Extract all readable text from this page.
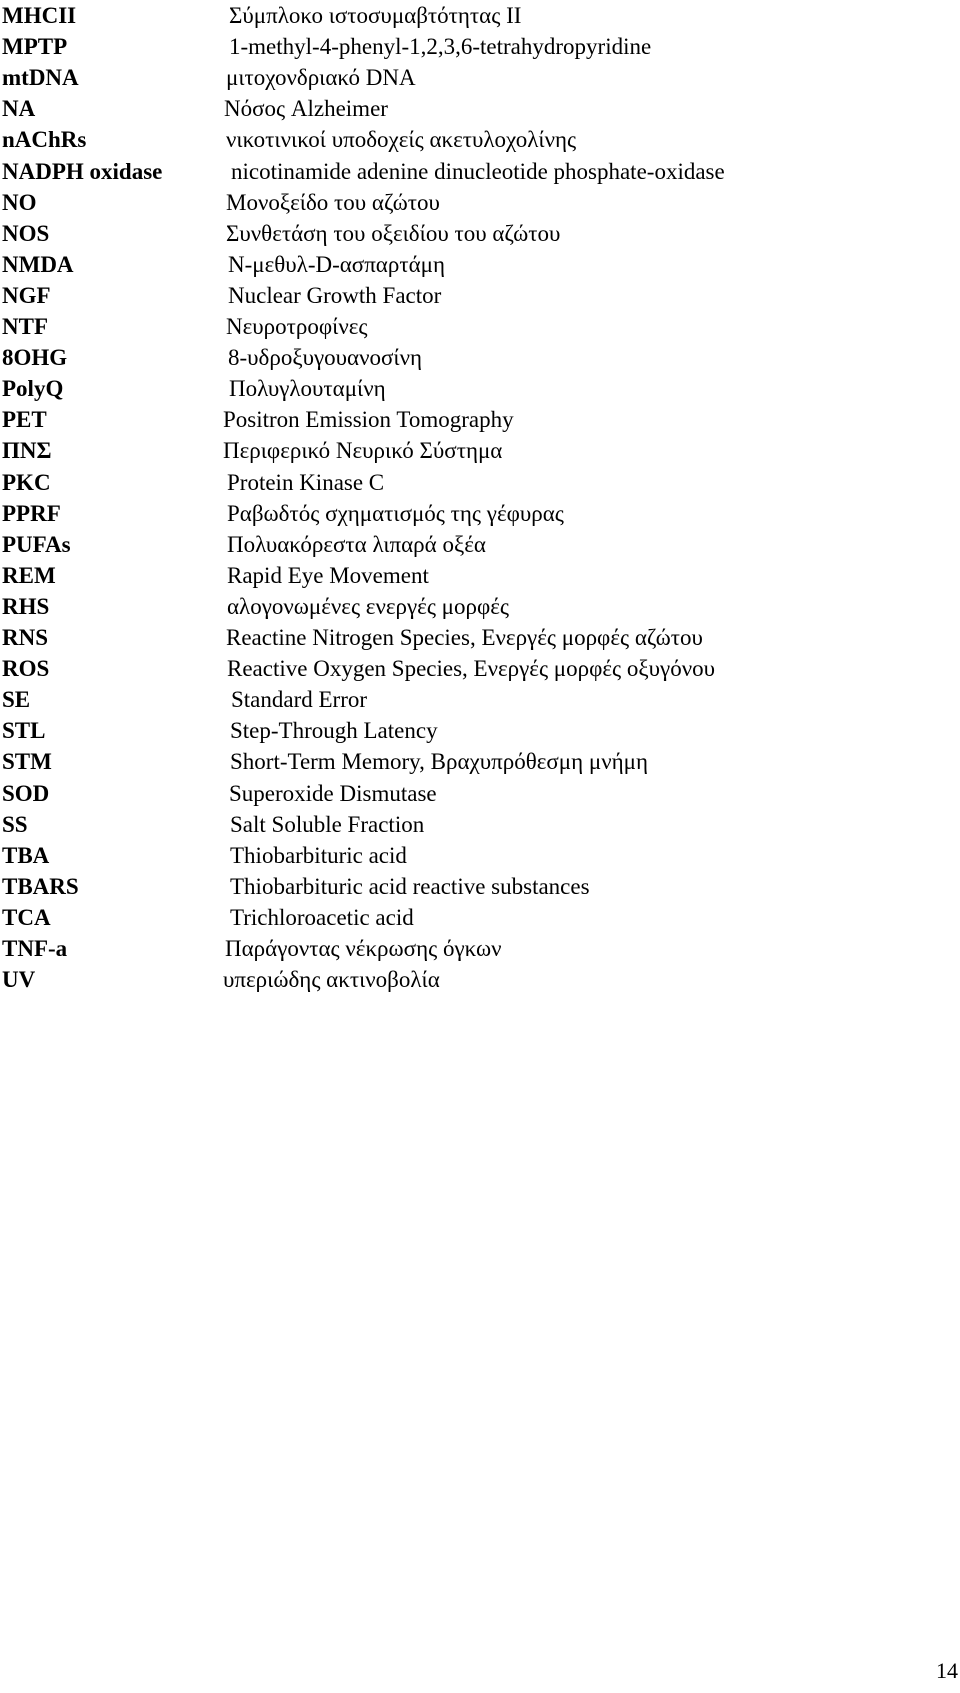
MHCII	Σύμπλοκο ιστοσυμαβτότητας ΙΙ
MPTP	1-methyl-4-phenyl-1,2,3,6-tetrahydropyridine
mtDNA	μιτοχονδριακό DNA
NA	Νόσος Alzheimer
nAChRs	νικοτινικοί υποδοχείς ακετυλοχολίνης
NADPH oxidase	nicotinamide adenine dinucleotide phosphate-oxidase
NO	Μονοξείδο του αζώτου
NOS	Συνθετάση του οξειδίου του αζώτου
NMDA	N-μεθυλ-D-ασπαρτάμη
NGF	Nuclear Growth Factor
NTF	Νευροτροφίνες
8OHG	8-υδροξυγουανοσίνη
PolyQ	Πολυγλουταμίνη
PET	Positron Emission Tomography
ΠΝΣ	Περιφερικό Νευρικό Σύστημα
PKC	Protein Kinase C
PPRF	Ραβωδτός σχηματισμός της γέφυρας
PUFAs	Πολυακόρεστα λιπαρά οξέα
REM	Rapid Eye Movement
RHS	αλογονωμένες ενεργές μορφές
RNS	Reactine Nitrogen Species, Ενεργές μορφές αζώτου
ROS	Reactive Oxygen Species, Ενεργές μορφές οξυγόνου
SE	Standard Error
STL	Step-Through Latency
STM	Short-Term Memory, Βραχυπρόθεσμη μνήμη
SOD	Superoxide Dismutase
SS	Salt Soluble Fraction
TBA	Thiobarbituric acid
TBARS	Thiobarbituric acid reactive substances
TCA	Trichloroacetic acid
TNF-a	Παράγοντας νέκρωσης όγκων
UV	υπεριώδης ακτινοβολία
14
